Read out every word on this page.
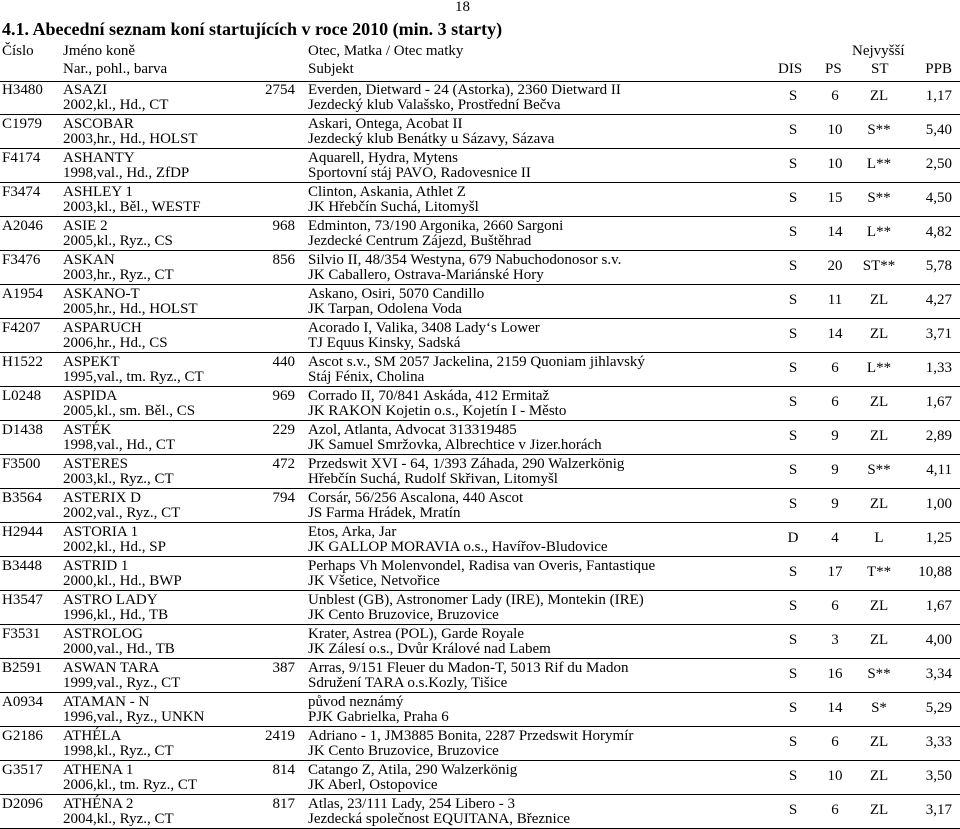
18
4.1. Abecední seznam koní startujících v roce 2010 (min. 3 starty)
Číslo Jméno koně
Nar., pohl., barva
Otec, Matka / Otec matky
Subjekt
Nejvyšší
DIS PS ST PPB
H3480 ASAZI
2002,kl., Hd., CT
2754 Everden, Dietward - 24 (Astorka), 2360 Dietward II
Jezdecký klub Valašsko, Prostřední Bečva
S	6	ZL	1,17
C1979 ASCOBAR
2003,hr., Hd., HOLST
Askari, Ontega, Acobat II
Jezdecký klub Benátky u Sázavy, Sázava
S	10	S**	5,40
F4174 ASHANTY
1998,val., Hd., ZfDP
Aquarell, Hydra, Mytens
Sportovní stáj PAVO, Radovesnice II
S	10	L**	2,50
F3474 ASHLEY 1
2003,kl., Běl., WESTF
Clinton, Askania, Athlet Z
JK Hřebčín Suchá, Litomyšl
S	15	S**	4,50
A2046 ASIE 2
2005,kl., Ryz., CS
968 Edminton, 73/190 Argonika, 2660 Sargoni
Jezdecké Centrum Zájezd, Buštěhrad
S	14	L**	4,82
F3476 ASKAN
2003,hr., Ryz., CT
856 Silvio II, 48/354 Westyna, 679 Nabuchodonosor s.v.
JK Caballero, Ostrava-Mariánské Hory
S	20	ST**	5,78
A1954 ASKANO-T
2005,hr., Hd., HOLST
Askano, Osiri, 5070 Candillo
JK Tarpan, Odolena Voda
S	11	ZL	4,27
F4207 ASPARUCH
2006,hr., Hd., CS
Acorado I, Valika, 3408 Lady‘s Lower
TJ Equus Kinsky, Sadská
S	14	ZL	3,71
H1522 ASPEKT
1995,val., tm. Ryz., CT
440 Ascot s.v., SM 2057 Jackelina, 2159 Quoniam jihlavský
Stáj Fénix, Cholina
S	6	L**	1,33
L0248 ASPIDA
2005,kl., sm. Běl., CS
969 Corrado II, 70/841 Askáda, 412 Ermitaž
JK RAKON Kojetin o.s., Kojetín I - Město
S	6	ZL	1,67
D1438 ASTÉK
1998,val., Hd., CT
229 Azol, Atlanta, Advocat 313319485
JK Samuel Smržovka, Albrechtice v Jizer.horách
S	9	ZL	2,89
F3500 ASTERES
2003,kl., Ryz., CT
472 Przedswit XVI - 64, 1/393 Záhada, 290 Walzerkönig
Hřebčín Suchá, Rudolf Skřivan, Litomyšl
S	9	S**	4,11
B3564 ASTERIX D
2002,val., Ryz., CT
794 Corsár, 56/256 Ascalona, 440 Ascot
JS Farma Hrádek, Mratín
S	9	ZL	1,00
H2944 ASTORIA 1
2002,kl., Hd., SP
Etos, Arka, Jar
JK GALLOP MORAVIA o.s., Havířov-Bludovice
D	4	L	1,25
B3448 ASTRID 1
2000,kl., Hd., BWP
Perhaps Vh Molenvondel, Radisa van Overis, Fantastique
JK Všetice, Netvořice
S	17	T**	10,88
H3547 ASTRO LADY
1996,kl., Hd., TB
Unblest (GB), Astronomer Lady (IRE), Montekin (IRE)
JK Cento Bruzovice, Bruzovice
S	6	ZL	1,67
F3531 ASTROLOG
2000,val., Hd., TB
Krater, Astrea (POL), Garde Royale
JK Zálesí o.s., Dvůr Králové nad Labem
S	3	ZL	4,00
B2591 ASWAN TARA
1999,val., Ryz., CT
387 Arras, 9/151 Fleuer du Madon-T, 5013 Rif du Madon
Sdružení TARA o.s.Kozly, Tišice
S	16	S**	3,34
A0934 ATAMAN - N
1996,val., Ryz., UNKN
původ neznámý
PJK Gabrielka, Praha 6
S	14	S*	5,29
G2186 ATHÉLA
1998,kl., Ryz., CT
2419 Adriano - 1, JM3885 Bonita, 2287 Przedswit Horymír
JK Cento Bruzovice, Bruzovice
S	6	ZL	3,33
G3517 ATHENA 1
2006,kl., tm. Ryz., CT
814 Catango Z, Atila, 290 Walzerkönig
JK Aberl, Ostopovice
S	10	ZL	3,50
D2096 ATHÉNA 2
2004,kl., Ryz., CT
817 Atlas, 23/111 Lady, 254 Libero - 3
Jezdecká společnost EQUITANA, Březnice
S	6	ZL	3,17
